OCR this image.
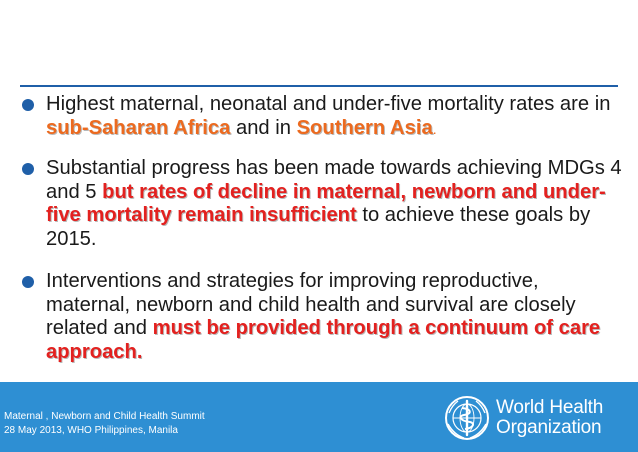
Highest maternal, neonatal and under-five mortality rates are in sub-Saharan Africa and in Southern Asia.
Substantial progress has been made towards achieving MDGs 4 and 5 but rates of decline in maternal, newborn and under-five mortality remain insufficient to achieve these goals by 2015.
Interventions and strategies for improving reproductive, maternal, newborn and child health and survival are closely related and must be provided through a continuum of care approach.
Maternal , Newborn and Child Health Summit
28 May 2013, WHO Philippines, Manila
World Health
Organization
